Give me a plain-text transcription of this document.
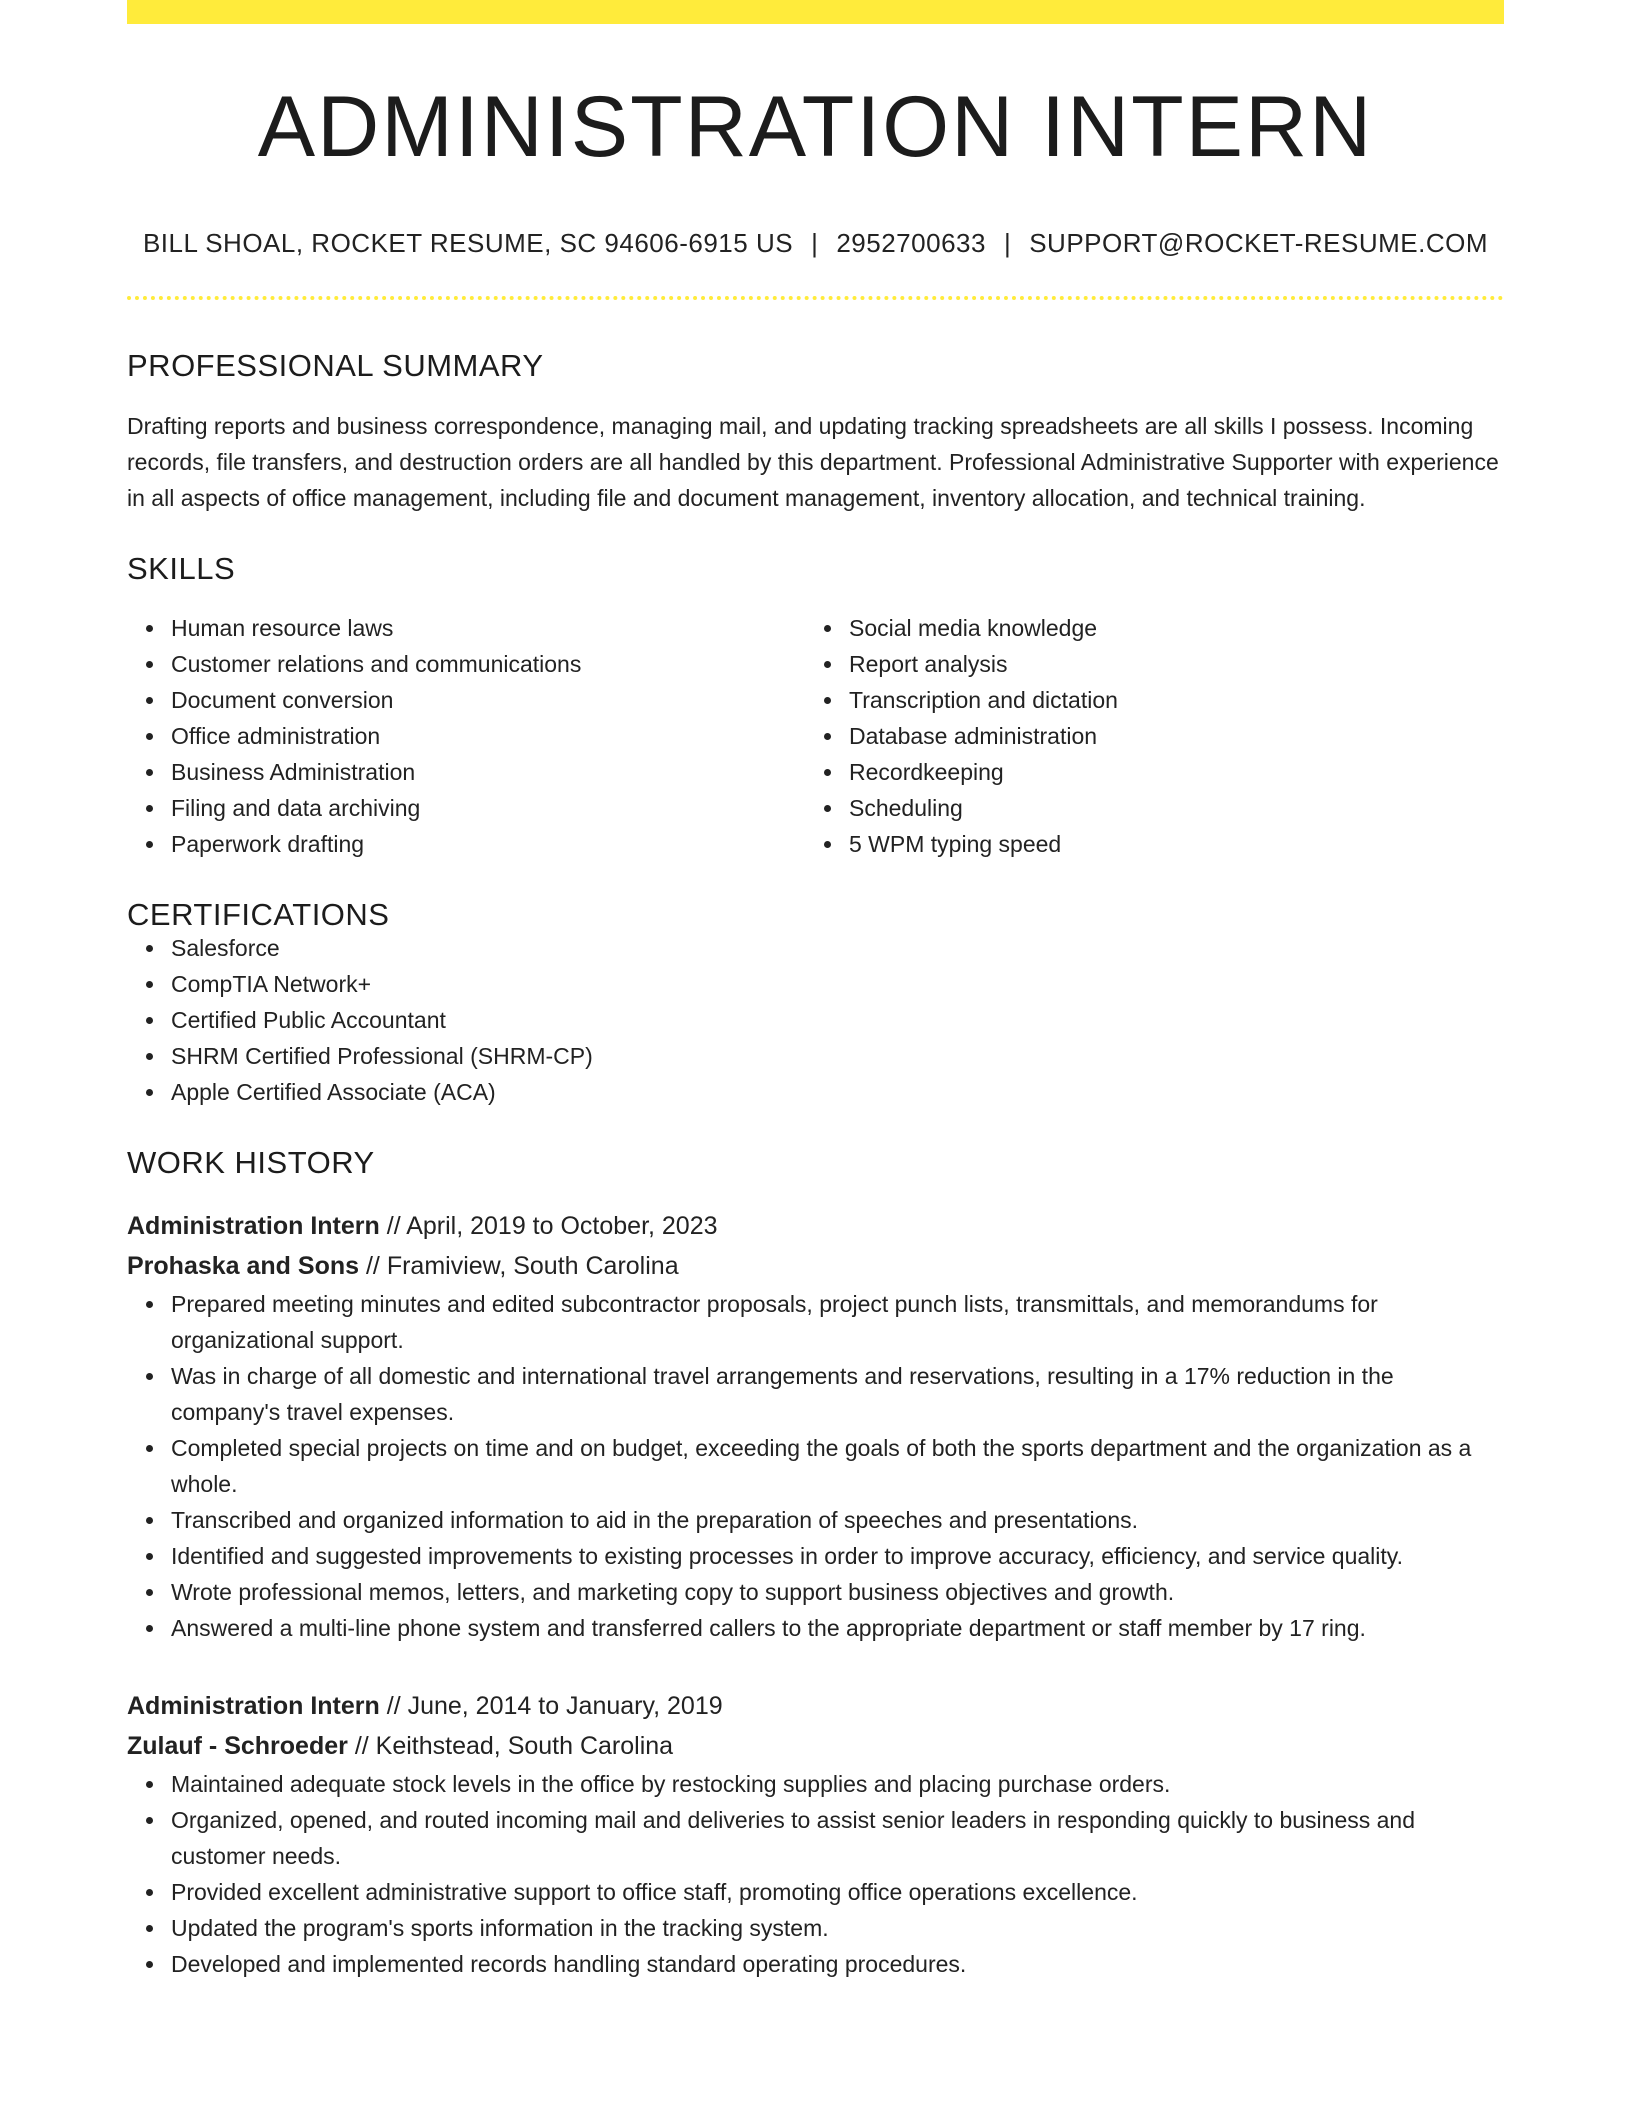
ADMINISTRATION INTERN
BILL SHOAL, ROCKET RESUME, SC 94606-6915 US | 2952700633 | SUPPORT@ROCKET-RESUME.COM
PROFESSIONAL SUMMARY

Drafting reports and business correspondence, managing mail, and updating tracking spreadsheets are all skills I possess. Incoming records, file transfers, and destruction orders are all handled by this department. Professional Administrative Supporter with experience in all aspects of office management, including file and document management, inventory allocation, and technical training.

SKILLS
Human resource laws
Customer relations and communications
Document conversion
Office administration
Business Administration
Filing and data archiving
Paperwork drafting
Social media knowledge
Report analysis
Transcription and dictation
Database administration
Recordkeeping
Scheduling
5 WPM typing speed
CERTIFICATIONS
Salesforce
CompTIA Network+
Certified Public Accountant
SHRM Certified Professional (SHRM-CP)
Apple Certified Associate (ACA)
WORK HISTORY
Administration Intern // April, 2019 to October, 2023
Prohaska and Sons // Framiview, South Carolina
Prepared meeting minutes and edited subcontractor proposals, project punch lists, transmittals, and memorandums for organizational support.
Was in charge of all domestic and international travel arrangements and reservations, resulting in a 17% reduction in the company's travel expenses.
Completed special projects on time and on budget, exceeding the goals of both the sports department and the organization as a whole.
Transcribed and organized information to aid in the preparation of speeches and presentations.
Identified and suggested improvements to existing processes in order to improve accuracy, efficiency, and service quality.
Wrote professional memos, letters, and marketing copy to support business objectives and growth.
Answered a multi-line phone system and transferred callers to the appropriate department or staff member by 17 ring.
Administration Intern // June, 2014 to January, 2019
Zulauf - Schroeder // Keithstead, South Carolina
Maintained adequate stock levels in the office by restocking supplies and placing purchase orders.
Organized, opened, and routed incoming mail and deliveries to assist senior leaders in responding quickly to business and customer needs.
Provided excellent administrative support to office staff, promoting office operations excellence.
Updated the program's sports information in the tracking system.
Developed and implemented records handling standard operating procedures.
